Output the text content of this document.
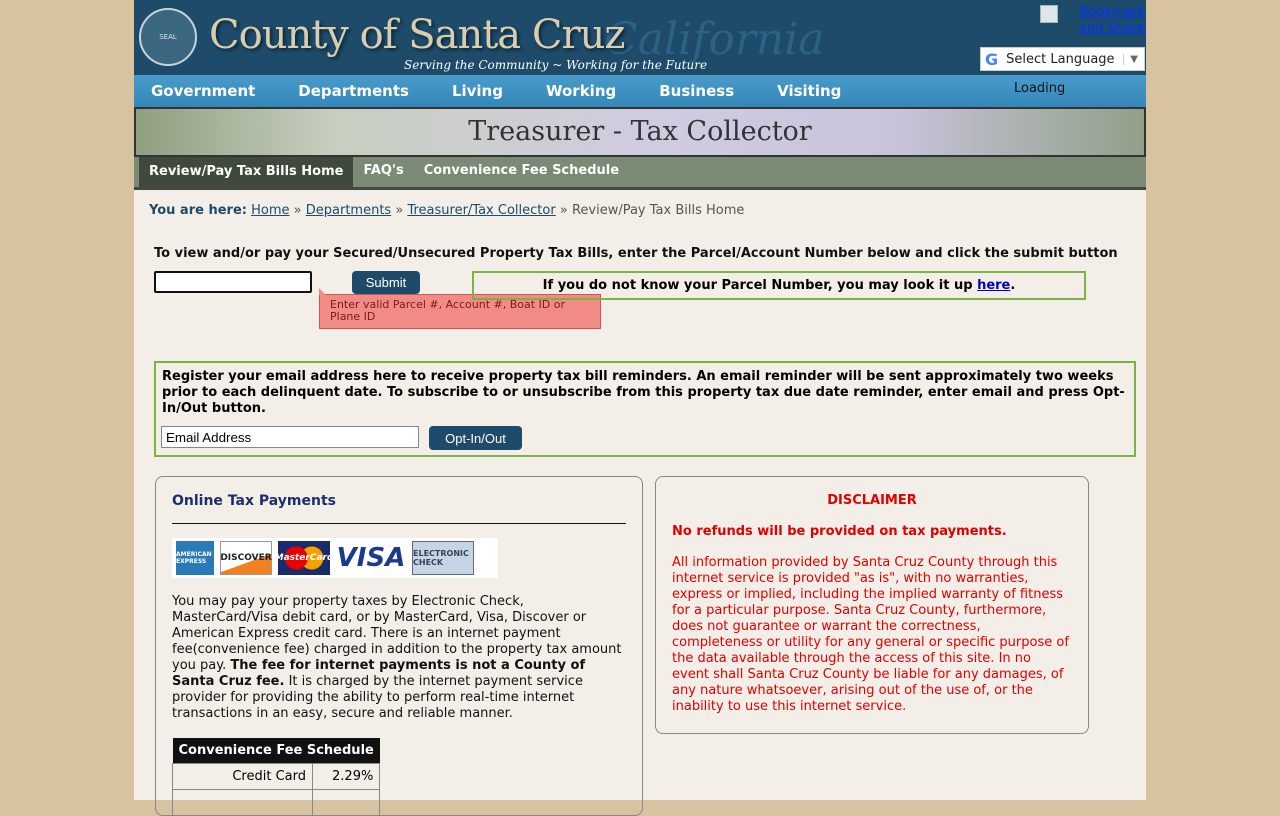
SEAL	California
County of Santa Cruz
Serving the Community ~ Working for the Future
Bookmark and Share
G Select Language	▼
Government	Departments	Living	Working	Business	Visiting	Loading
Treasurer - Tax Collector
Review/Pay Tax Bills Home	FAQ's	Convenience Fee Schedule
You are here: Home » Departments » Treasurer/Tax Collector » Review/Pay Tax Bills Home
To view and/or pay your Secured/Unsecured Property Tax Bills, enter the Parcel/Account Number below and click the submit button
Submit
Enter valid Parcel #, Account #, Boat ID or Plane ID
If you do not know your Parcel Number, you may look it up here.
Register your email address here to receive property tax bill reminders. An email reminder will be sent approximately two weeks prior to each delinquent date. To subscribe to or unsubscribe from this property tax due date reminder, enter email and press Opt-In/Out button.
Email Address
Opt-In/Out
Online Tax Payments
AMERICAN EXPRESS	DISCOVER MasterCard VISA ELECTRONIC CHECK
You may pay your property taxes by Electronic Check, MasterCard/Visa debit card, or by MasterCard, Visa, Discover or American Express credit card. There is an internet payment fee(convenience fee) charged in addition to the property tax amount you pay. The fee for internet payments is not a County of Santa Cruz fee. It is charged by the internet payment service provider for providing the ability to perform real-time internet transactions in an easy, secure and reliable manner.
Convenience Fee Schedule	
Credit Card	2.29%

DISCLAIMER
No refunds will be provided on tax payments.

All information provided by Santa Cruz County through this internet service is provided "as is", with no warranties, express or implied, including the implied warranty of fitness for a particular purpose. Santa Cruz County, furthermore, does not guarantee or warrant the correctness, completeness or utility for any general or specific purpose of the data available through the access of this site. In no event shall Santa Cruz County be liable for any damages, of any nature whatsoever, arising out of the use of, or the inability to use this internet service.
